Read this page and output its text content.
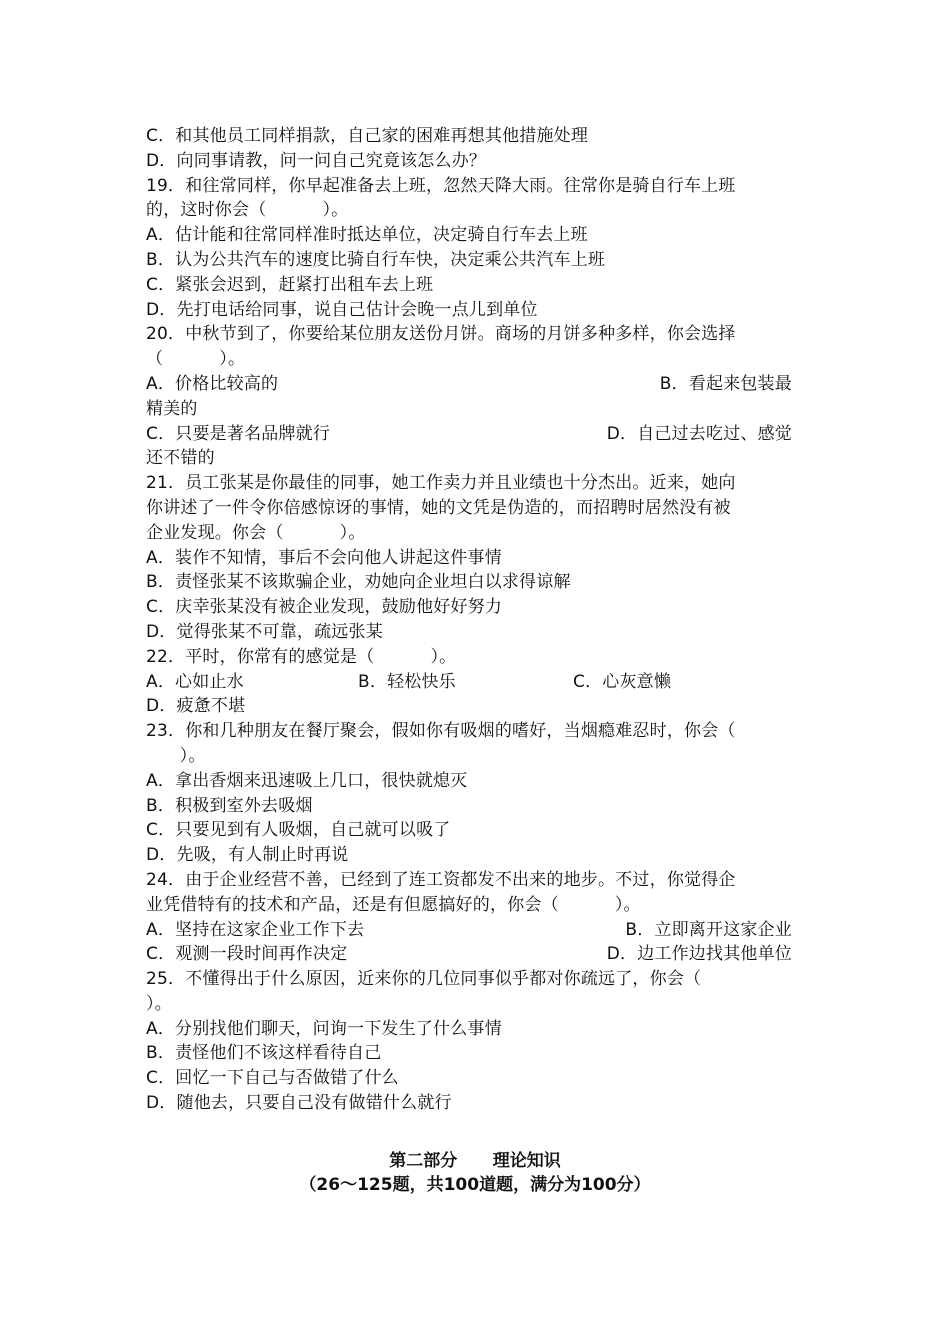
C．和其他员工同样捐款，自己家的困难再想其他措施处理
D．向同事请教，问一问自己究竟该怎么办？
19．和往常同样，你早起准备去上班，忽然天降大雨。往常你是骑自行车上班
的，这时你会（          ）。
A．估计能和往常同样准时抵达单位，决定骑自行车去上班
B．认为公共汽车的速度比骑自行车快，决定乘公共汽车上班
C．紧张会迟到，赶紧打出租车去上班
D．先打电话给同事，说自己估计会晚一点儿到单位
20．中秋节到了，你要给某位朋友送份月饼。商场的月饼多种多样，你会选择
（          ）。
A．价格比较高的	B．看起来包装最
精美的
C．只要是著名品牌就行	D．自己过去吃过、感觉
还不错的
21．员工张某是你最佳的同事，她工作卖力并且业绩也十分杰出。近来，她向
你讲述了一件令你倍感惊讶的事情，她的文凭是伪造的，而招聘时居然没有被
企业发现。你会（          ）。
A．装作不知情，事后不会向他人讲起这件事情
B．责怪张某不该欺骗企业，劝她向企业坦白以求得谅解
C．庆幸张某没有被企业发现，鼓励他好好努力
D．觉得张某不可靠，疏远张某
22．平时，你常有的感觉是（          ）。
A．心如止水	B．轻松快乐	C．心灰意懒
D．疲惫不堪
23．你和几种朋友在餐厅聚会，假如你有吸烟的嗜好，当烟瘾难忍时，你会（
）。
A．拿出香烟来迅速吸上几口，很快就熄灭
B．积极到室外去吸烟
C．只要见到有人吸烟，自己就可以吸了
D．先吸，有人制止时再说
24．由于企业经营不善，已经到了连工资都发不出来的地步。不过，你觉得企
业凭借特有的技术和产品，还是有但愿搞好的，你会（          ）。
A．坚持在这家企业工作下去	B．立即离开这家企业
C．观测一段时间再作决定	D．边工作边找其他单位
25．不懂得出于什么原因，近来你的几位同事似乎都对你疏远了，你会（
）。
A．分别找他们聊天，问询一下发生了什么事情
B．责怪他们不该这样看待自己
C．回忆一下自己与否做错了什么
D．随他去，只要自己没有做错什么就行
第二部分      理论知识
（26～125题，共100道题，满分为100分）
